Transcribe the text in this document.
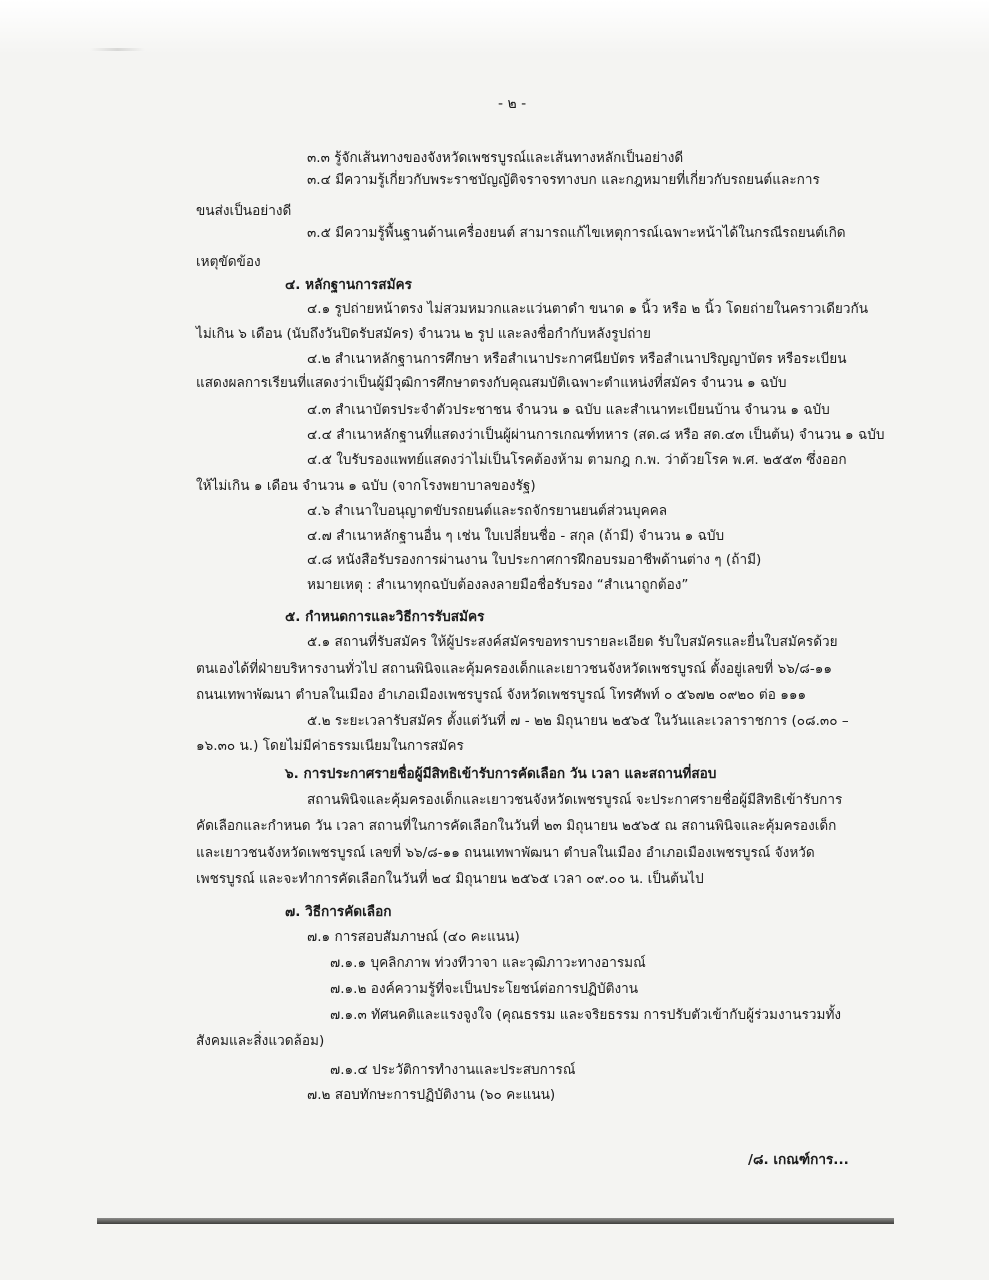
- ๒ -
๓.๓ รู้จักเส้นทางของจังหวัดเพชรบูรณ์และเส้นทางหลักเป็นอย่างดี
๓.๔ มีความรู้เกี่ยวกับพระราชบัญญัติจราจรทางบก และกฎหมายที่เกี่ยวกับรถยนต์และการ
ขนส่งเป็นอย่างดี
๓.๕ มีความรู้พื้นฐานด้านเครื่องยนต์ สามารถแก้ไขเหตุการณ์เฉพาะหน้าได้ในกรณีรถยนต์เกิด
เหตุขัดข้อง
๔. หลักฐานการสมัคร
๔.๑ รูปถ่ายหน้าตรง ไม่สวมหมวกและแว่นตาดำ ขนาด ๑ นิ้ว หรือ ๒ นิ้ว โดยถ่ายในคราวเดียวกัน
ไม่เกิน ๖ เดือน (นับถึงวันปิดรับสมัคร) จำนวน ๒ รูป และลงชื่อกำกับหลังรูปถ่าย
๔.๒ สำเนาหลักฐานการศึกษา หรือสำเนาประกาศนียบัตร หรือสำเนาปริญญาบัตร หรือระเบียน
แสดงผลการเรียนที่แสดงว่าเป็นผู้มีวุฒิการศึกษาตรงกับคุณสมบัติเฉพาะตำแหน่งที่สมัคร จำนวน ๑ ฉบับ
๔.๓ สำเนาบัตรประจำตัวประชาชน จำนวน ๑ ฉบับ และสำเนาทะเบียนบ้าน จำนวน ๑ ฉบับ
๔.๔ สำเนาหลักฐานที่แสดงว่าเป็นผู้ผ่านการเกณฑ์ทหาร (สด.๘ หรือ สด.๔๓ เป็นต้น) จำนวน ๑ ฉบับ
๔.๕ ใบรับรองแพทย์แสดงว่าไม่เป็นโรคต้องห้าม ตามกฎ ก.พ. ว่าด้วยโรค พ.ศ. ๒๕๕๓ ซึ่งออก
ให้ไม่เกิน ๑ เดือน จำนวน ๑ ฉบับ (จากโรงพยาบาลของรัฐ)
๔.๖ สำเนาใบอนุญาตขับรถยนต์และรถจักรยานยนต์ส่วนบุคคล
๔.๗ สำเนาหลักฐานอื่น ๆ เช่น ใบเปลี่ยนชื่อ - สกุล (ถ้ามี) จำนวน ๑ ฉบับ
๔.๘ หนังสือรับรองการผ่านงาน ใบประกาศการฝึกอบรมอาชีพด้านต่าง ๆ (ถ้ามี)
หมายเหตุ : สำเนาทุกฉบับต้องลงลายมือชื่อรับรอง “สำเนาถูกต้อง”
๕. กำหนดการและวิธีการรับสมัคร
๕.๑ สถานที่รับสมัคร ให้ผู้ประสงค์สมัครขอทราบรายละเอียด รับใบสมัครและยื่นใบสมัครด้วย
ตนเองได้ที่ฝ่ายบริหารงานทั่วไป สถานพินิจและคุ้มครองเด็กและเยาวชนจังหวัดเพชรบูรณ์ ตั้งอยู่เลขที่ ๖๖/๘-๑๑
ถนนเทพาพัฒนา ตำบลในเมือง อำเภอเมืองเพชรบูรณ์ จังหวัดเพชรบูรณ์ โทรศัพท์ ๐ ๕๖๗๒ ๐๙๒๐ ต่อ ๑๑๑
๕.๒ ระยะเวลารับสมัคร ตั้งแต่วันที่ ๗ - ๒๒ มิถุนายน ๒๕๖๕ ในวันและเวลาราชการ (๐๘.๓๐ –
๑๖.๓๐ น.) โดยไม่มีค่าธรรมเนียมในการสมัคร
๖. การประกาศรายชื่อผู้มีสิทธิเข้ารับการคัดเลือก วัน เวลา และสถานที่สอบ
สถานพินิจและคุ้มครองเด็กและเยาวชนจังหวัดเพชรบูรณ์ จะประกาศรายชื่อผู้มีสิทธิเข้ารับการ
คัดเลือกและกำหนด วัน เวลา สถานที่ในการคัดเลือกในวันที่ ๒๓ มิถุนายน ๒๕๖๕ ณ สถานพินิจและคุ้มครองเด็ก
และเยาวชนจังหวัดเพชรบูรณ์ เลขที่ ๖๖/๘-๑๑ ถนนเทพาพัฒนา ตำบลในเมือง อำเภอเมืองเพชรบูรณ์ จังหวัด
เพชรบูรณ์ และจะทำการคัดเลือกในวันที่ ๒๔ มิถุนายน ๒๕๖๕ เวลา ๐๙.๐๐ น. เป็นต้นไป
๗. วิธีการคัดเลือก
๗.๑ การสอบสัมภาษณ์ (๔๐ คะแนน)
๗.๑.๑ บุคลิกภาพ ท่วงทีวาจา และวุฒิภาวะทางอารมณ์
๗.๑.๒ องค์ความรู้ที่จะเป็นประโยชน์ต่อการปฏิบัติงาน
๗.๑.๓ ทัศนคติและแรงจูงใจ (คุณธรรม และจริยธรรม การปรับตัวเข้ากับผู้ร่วมงานรวมทั้ง
สังคมและสิ่งแวดล้อม)
๗.๑.๔ ประวัติการทำงานและประสบการณ์
๗.๒ สอบทักษะการปฏิบัติงาน (๖๐ คะแนน)
/๘. เกณฑ์การ...
